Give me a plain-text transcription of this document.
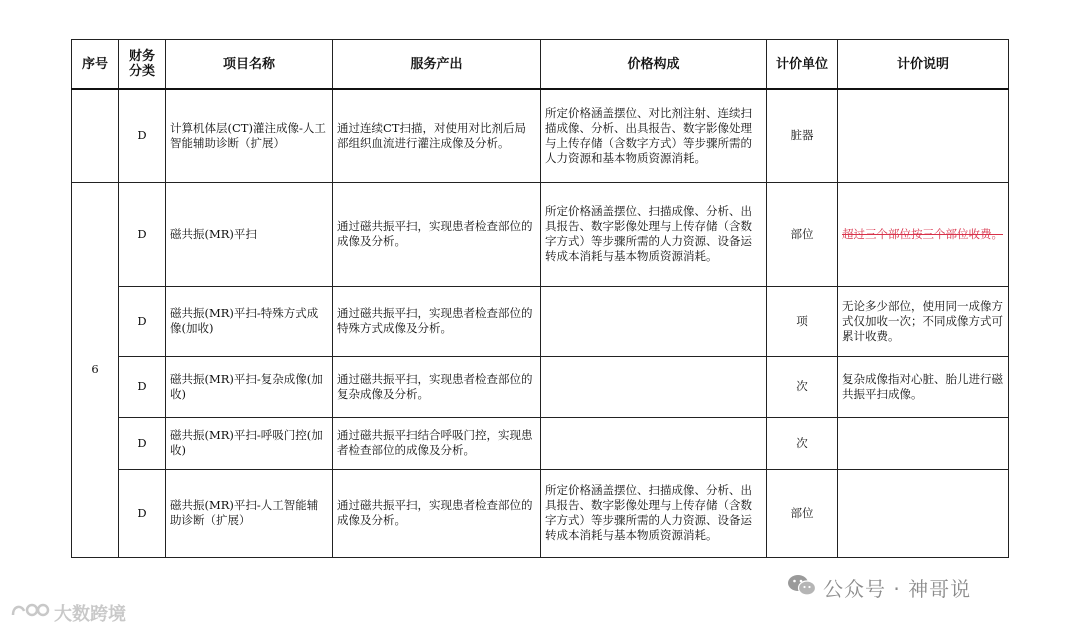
序号	财务分类	项目名称	服务产出	价格构成	计价单位	计价说明
	D	计算机体层(CT)灌注成像-人工智能辅助诊断（扩展）	通过连续CT扫描，对使用对比剂后局部组织血流进行灌注成像及分析。	所定价格涵盖摆位、对比剂注射、连续扫描成像、分析、出具报告、数字影像处理与上传存储（含数字方式）等步骤所需的人力资源和基本物质资源消耗。	脏器	
6	D	磁共振(MR)平扫	通过磁共振平扫，实现患者检查部位的成像及分析。	所定价格涵盖摆位、扫描成像、分析、出具报告、数字影像处理与上传存储（含数字方式）等步骤所需的人力资源、设备运转成本消耗与基本物质资源消耗。	部位	超过三个部位按三个部位收费。
	D	磁共振(MR)平扫-特殊方式成像(加收)	通过磁共振平扫，实现患者检查部位的特殊方式成像及分析。		项	无论多少部位，使用同一成像方式仅加收一次；不同成像方式可累计收费。
	D	磁共振(MR)平扫-复杂成像(加收)	通过磁共振平扫，实现患者检查部位的复杂成像及分析。		次	复杂成像指对心脏、胎儿进行磁共振平扫成像。
	D	磁共振(MR)平扫-呼吸门控(加收)	通过磁共振平扫结合呼吸门控，实现患者检查部位的成像及分析。		次	
	D	磁共振(MR)平扫-人工智能辅助诊断（扩展）	通过磁共振平扫，实现患者检查部位的成像及分析。	所定价格涵盖摆位、扫描成像、分析、出具报告、数字影像处理与上传存储（含数字方式）等步骤所需的人力资源、设备运转成本消耗与基本物质资源消耗。	部位	
公众号 · 神哥说
大数跨境
